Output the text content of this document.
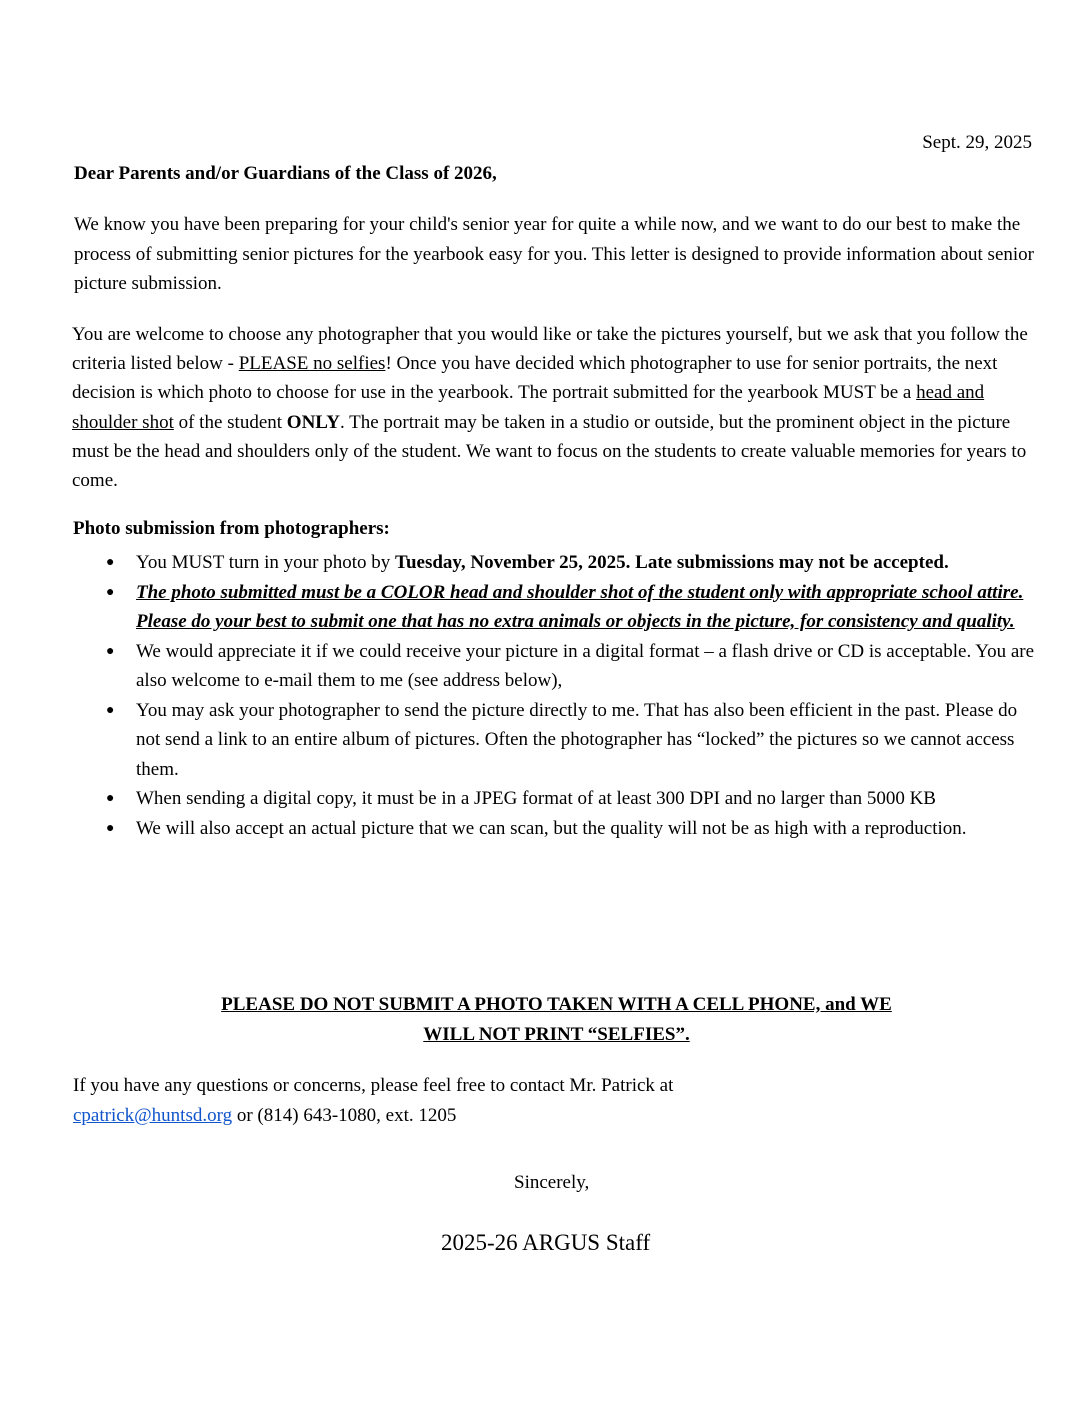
Sept. 29, 2025
Dear Parents and/or Guardians of the Class of 2026,
We know you have been preparing for your child's senior year for quite a while now, and we want to do our best to make the process of submitting senior pictures for the yearbook easy for you. This letter is designed to provide information about senior picture submission.
You are welcome to choose any photographer that you would like or take the pictures yourself, but we ask that you follow the criteria listed below - PLEASE no selfies! Once you have decided which photographer to use for senior portraits, the next decision is which photo to choose for use in the yearbook. The portrait submitted for the yearbook MUST be a head and shoulder shot of the student ONLY. The portrait may be taken in a studio or outside, but the prominent object in the picture must be the head and shoulders only of the student. We want to focus on the students to create valuable memories for years to come.
Photo submission from photographers:
● You MUST turn in your photo by Tuesday, November 25, 2025. Late submissions may not be accepted.
● The photo submitted must be a COLOR head and shoulder shot of the student only with appropriate school attire. Please do your best to submit one that has no extra animals or objects in the picture, for consistency and quality.
● We would appreciate it if we could receive your picture in a digital format – a flash drive or CD is acceptable. You are also welcome to e-mail them to me (see address below),
● You may ask your photographer to send the picture directly to me. That has also been efficient in the past. Please do not send a link to an entire album of pictures. Often the photographer has “locked” the pictures so we cannot access them.
● When sending a digital copy, it must be in a JPEG format of at least 300 DPI and no larger than 5000 KB
● We will also accept an actual picture that we can scan, but the quality will not be as high with a reproduction.
PLEASE DO NOT SUBMIT A PHOTO TAKEN WITH A CELL PHONE, and WE
WILL NOT PRINT “SELFIES”.
If you have any questions or concerns, please feel free to contact Mr. Patrick at
cpatrick@huntsd.org or (814) 643-1080, ext. 1205
Sincerely,
2025-26 ARGUS Staff
